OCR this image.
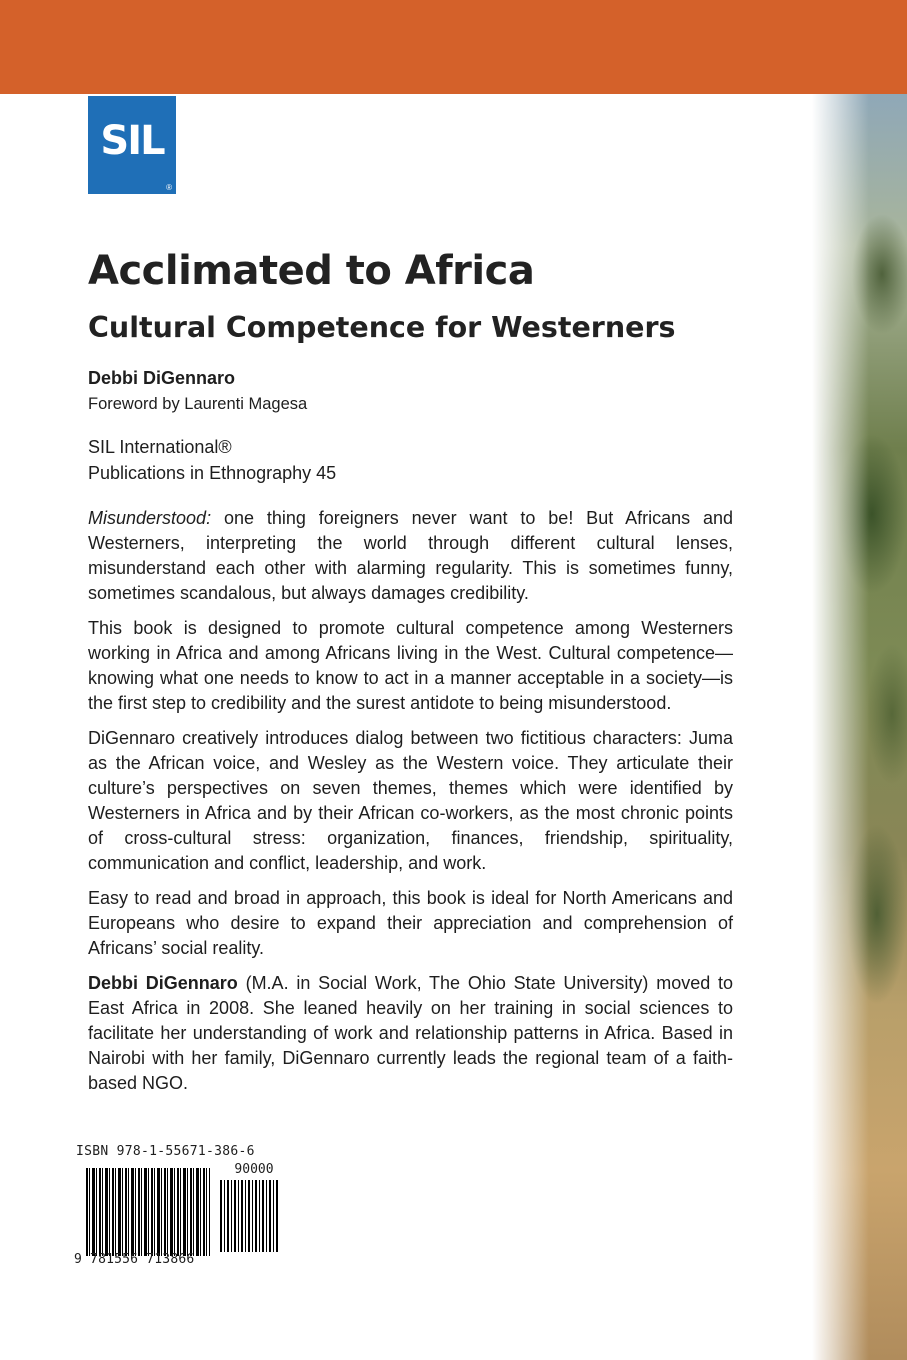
SIL
®
Acclimated to Africa
Cultural Competence for Westerners
Debbi DiGennaro
Foreword by Laurenti Magesa
SIL International®
Publications in Ethnography 45

Misunderstood: one thing foreigners never want to be! But Africans and Westerners, interpreting the world through different cultural lenses, misunderstand each other with alarming regularity. This is sometimes funny, sometimes scandalous, but always damages credibility.

This book is designed to promote cultural competence among Westerners working in Africa and among Africans living in the West. Cultural competence—knowing what one needs to know to act in a manner acceptable in a society—is the first step to credibility and the surest antidote to being misunderstood.

DiGennaro creatively introduces dialog between two fictitious characters: Juma as the African voice, and Wesley as the Western voice. They articulate their culture’s perspectives on seven themes, themes which were identified by Westerners in Africa and by their African co-workers, as the most chronic points of cross-cultural stress: organization, finances, friendship, spirituality, communication and conflict, leadership, and work.

Easy to read and broad in approach, this book is ideal for North Americans and Europeans who desire to expand their appreciation and comprehension of Africans’ social reality.

Debbi DiGennaro (M.A. in Social Work, The Ohio State University) moved to East Africa in 2008. She leaned heavily on her training in social sciences to facilitate her understanding of work and relationship patterns in Africa. Based in Nairobi with her family, DiGennaro currently leads the regional team of a faith-based NGO.

ISBN 978-1-55671-386-6
90000
9 781556 713866
